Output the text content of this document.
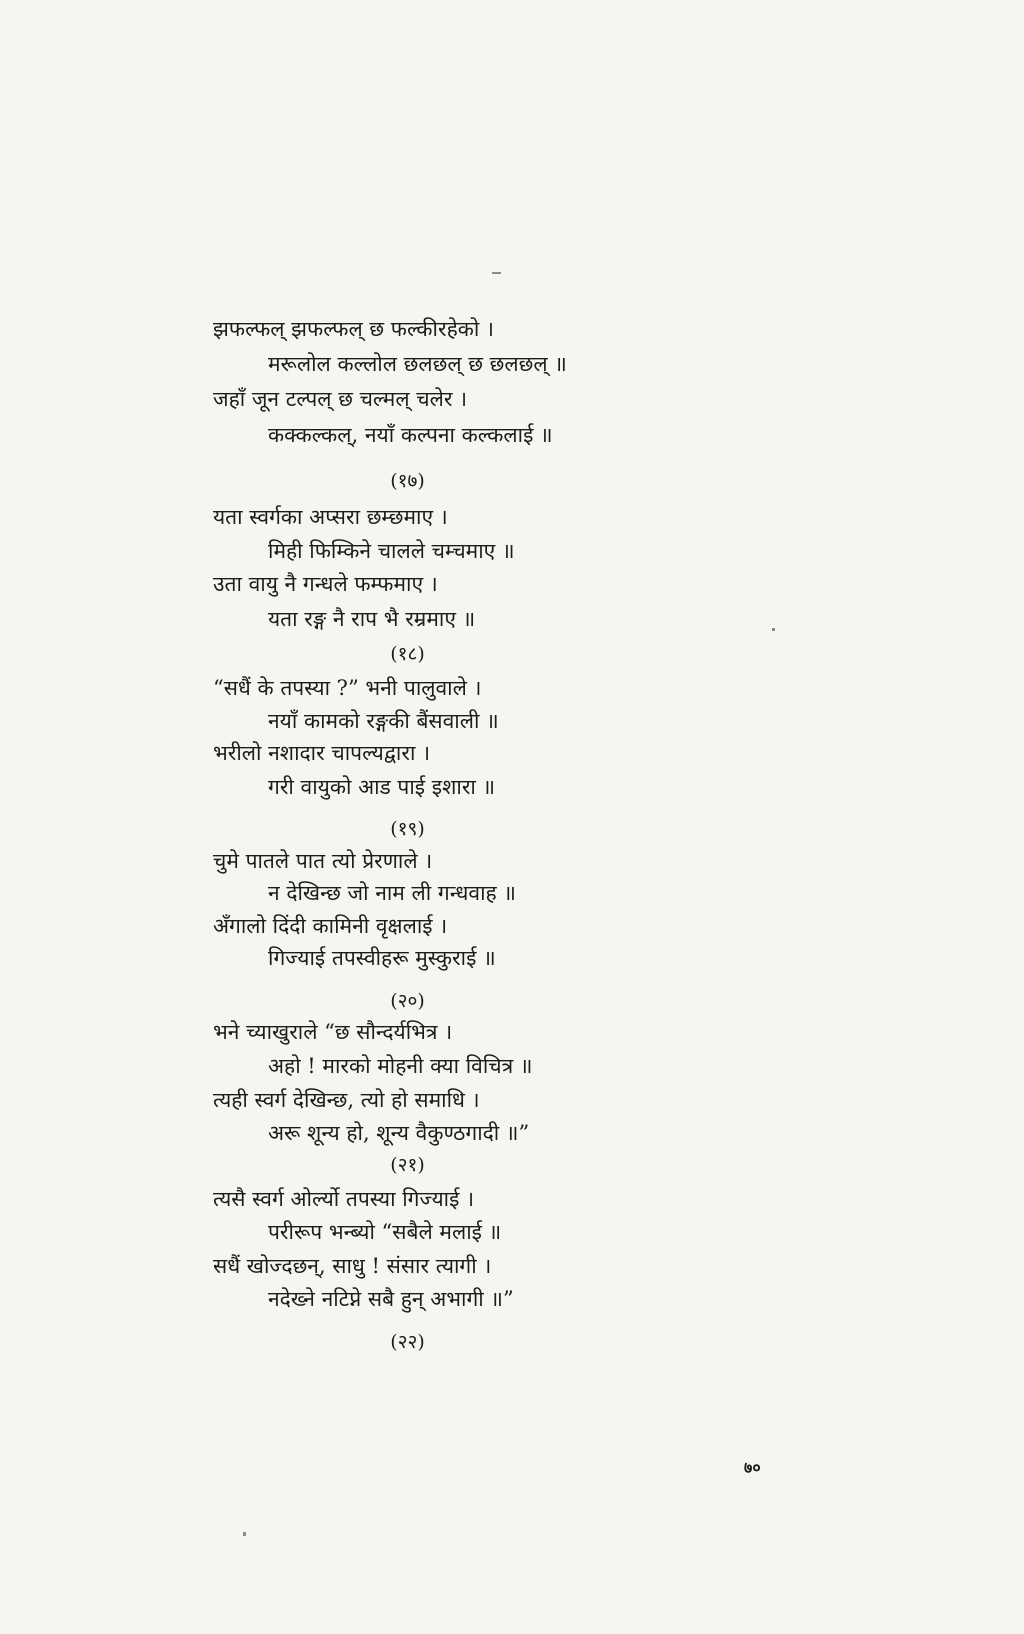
झफल्फल् झफल्फल् छ फल्कीरहेको ।
मरूलोल कल्लोल छलछल् छ छलछल् ॥
जहाँ जून टल्पल् छ चल्मल् चलेर ।
कक्कल्कल्, नयाँ कल्पना कल्कलाई ॥
(१७)
यता स्वर्गका अप्सरा छम्छमाए ।
मिही फिम्किने चालले चम्चमाए ॥
उता वायु नै गन्धले फम्फमाए ।
यता रङ्ग नै राप भै रम्रमाए ॥
(१८)
“सधैं के तपस्या ?” भनी पालुवाले ।
नयाँ कामको रङ्गकी बैंसवाली ॥
भरीलो नशादार चापल्यद्वारा ।
गरी वायुको आड पाई इशारा ॥
(१९)
चुमे पातले पात त्यो प्रेरणाले ।
न देखिन्छ जो नाम ली गन्धवाह ॥
अँगालो दिंदी कामिनी वृक्षलाई ।
गिज्याई तपस्वीहरू मुस्कुराई ॥
(२०)
भने च्याखुराले “छ सौन्दर्यभित्र ।
अहो ! मारको मोहनी क्या विचित्र ॥
त्यही स्वर्ग देखिन्छ, त्यो हो समाधि ।
अरू शून्य हो, शून्य वैकुण्ठगादी ॥”
(२१)
त्यसै स्वर्ग ओर्ल्यो तपस्या गिज्याई ।
परीरूप भन्ब्यो “सबैले मलाई ॥
सधैं खोज्दछन्, साधु ! संसार त्यागी ।
नदेख्ने नटिप्ने सबै हुन् अभागी ॥”
(२२)
७०
